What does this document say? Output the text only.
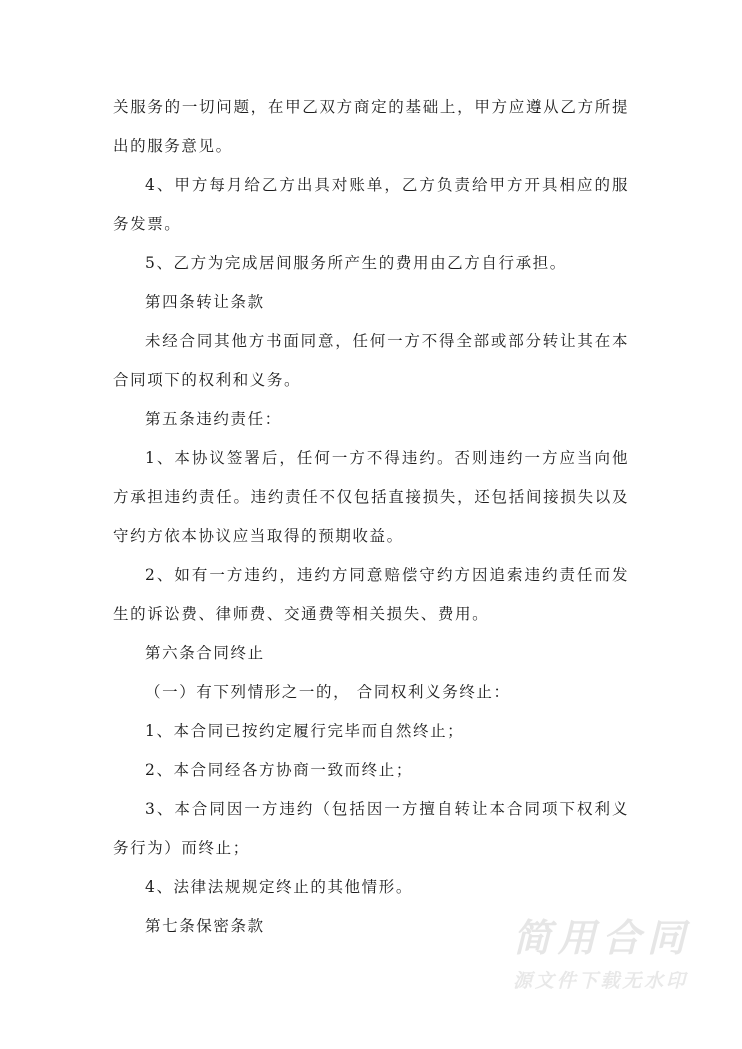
关服务的一切问题，在甲乙双方商定的基础上，甲方应遵从乙方所提
出的服务意见。
4、甲方每月给乙方出具对账单，乙方负责给甲方开具相应的服
务发票。
5、乙方为完成居间服务所产生的费用由乙方自行承担。
第四条转让条款
未经合同其他方书面同意，任何一方不得全部或部分转让其在本
合同项下的权利和义务。
第五条违约责任：
1、本协议签署后，任何一方不得违约。否则违约一方应当向他
方承担违约责任。违约责任不仅包括直接损失，还包括间接损失以及
守约方依本协议应当取得的预期收益。
2、如有一方违约，违约方同意赔偿守约方因追索违约责任而发
生的诉讼费、律师费、交通费等相关损失、费用。
第六条合同终止
（一）有下列情形之一的， 合同权利义务终止：
1、本合同已按约定履行完毕而自然终止；
2、本合同经各方协商一致而终止；
3、本合同因一方违约（包括因一方擅自转让本合同项下权利义
务行为）而终止；
4、法律法规规定终止的其他情形。
第七条保密条款	简用合同
源文件下载无水印
